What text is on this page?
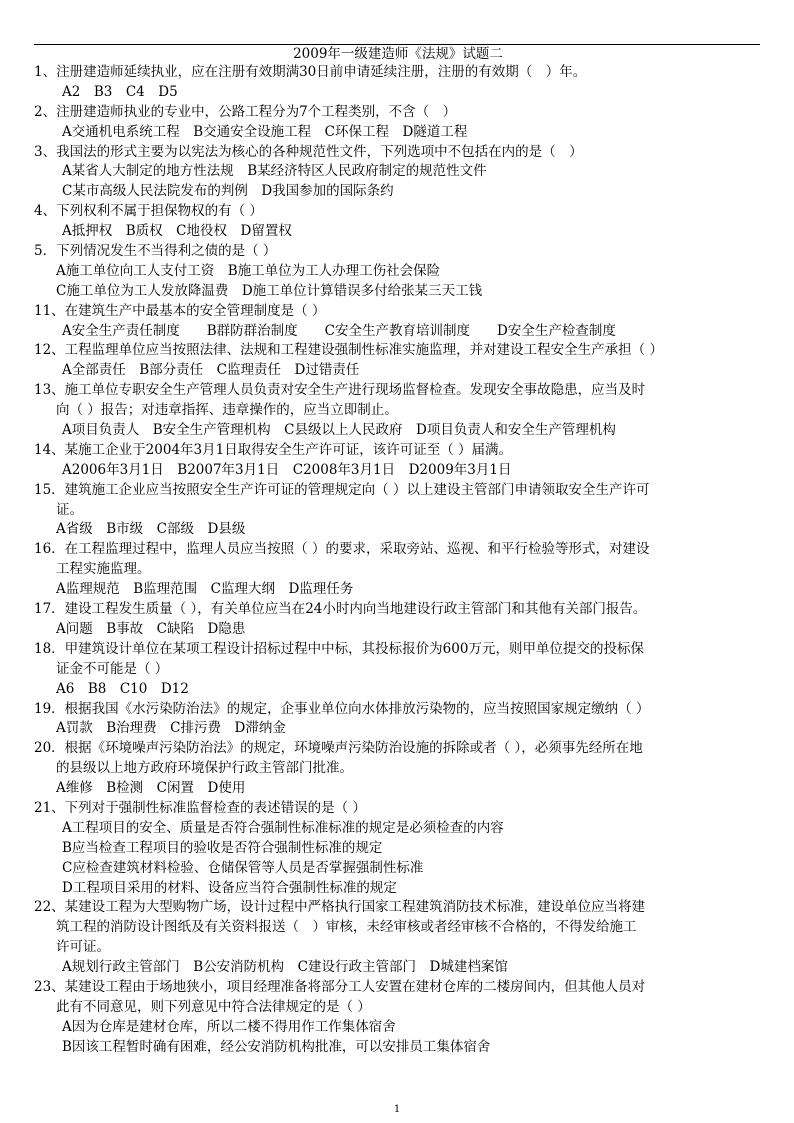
2009年一级建造师《法规》试题二
1、注册建造师延续执业，应在注册有效期满30日前申请延续注册，注册的有效期（　）年。
A2　B3　C4　D5
2、注册建造师执业的专业中，公路工程分为7个工程类别，不含（　）
A交通机电系统工程　B交通安全设施工程　C环保工程　D隧道工程
3、我国法的形式主要为以宪法为核心的各种规范性文件，下列选项中不包括在内的是（　）
A某省人大制定的地方性法规　B某经济特区人民政府制定的规范性文件
C某市高级人民法院发布的判例　D我国参加的国际条约
4、下列权利不属于担保物权的有（ ）
A抵押权　B质权　C地役权　D留置权
5．下列情况发生不当得利之债的是（ ）
A施工单位向工人支付工资　B施工单位为工人办理工伤社会保险
C施工单位为工人发放降温费　D施工单位计算错误多付给张某三天工钱
11、在建筑生产中最基本的安全管理制度是（ ）
A安全生产责任制度　　B群防群治制度　　C安全生产教育培训制度　　D安全生产检查制度
12、工程监理单位应当按照法律、法规和工程建设强制性标准实施监理，并对建设工程安全生产承担（ ）
A全部责任　B部分责任　C监理责任　D过错责任
13、施工单位专职安全生产管理人员负责对安全生产进行现场监督检查。发现安全事故隐患，应当及时
向（ ）报告；对违章指挥、违章操作的，应当立即制止。
A项目负责人　B安全生产管理机构　C县级以上人民政府　D项目负责人和安全生产管理机构
14、某施工企业于2004年3月1日取得安全生产许可证，该许可证至（ ）届满。
A2006年3月1日　B2007年3月1日　C2008年3月1日　D2009年3月1日
15．建筑施工企业应当按照安全生产许可证的管理规定向（ ）以上建设主管部门申请领取安全生产许可
证。
A省级　B市级　C部级　D县级
16．在工程监理过程中，监理人员应当按照（ ）的要求，采取旁站、巡视、和平行检验等形式，对建设
工程实施监理。
A监理规范　B监理范围　C监理大纲　D监理任务
17．建设工程发生质量（ ），有关单位应当在24小时内向当地建设行政主管部门和其他有关部门报告。
A问题　B事故　C缺陷　D隐患
18．甲建筑设计单位在某项工程设计招标过程中中标，其投标报价为600万元，则甲单位提交的投标保
证金不可能是（ ）
A6　B8　C10　D12
19．根据我国《水污染防治法》的规定，企事业单位向水体排放污染物的，应当按照国家规定缴纳（ ）
A罚款　B治理费　C排污费　D滞纳金
20．根据《环境噪声污染防治法》的规定，环境噪声污染防治设施的拆除或者（ ），必须事先经所在地
的县级以上地方政府环境保护行政主管部门批准。
A维修　B检测　C闲置　D使用
21、下列对于强制性标准监督检查的表述错误的是（ ）
A工程项目的安全、质量是否符合强制性标准标准的规定是必须检查的内容
B应当检查工程项目的验收是否符合强制性标准的规定
C应检查建筑材料检验、仓储保管等人员是否掌握强制性标准
D工程项目采用的材料、设备应当符合强制性标准的规定
22、某建设工程为大型购物广场，设计过程中严格执行国家工程建筑消防技术标准，建设单位应当将建
筑工程的消防设计图纸及有关资料报送（　）审核，未经审核或者经审核不合格的，不得发给施工
许可证。
A规划行政主管部门　B公安消防机构　C建设行政主管部门　D城建档案馆
23、某建设工程由于场地狭小，项目经理准备将部分工人安置在建材仓库的二楼房间内，但其他人员对
此有不同意见，则下列意见中符合法律规定的是（ ）
A因为仓库是建材仓库，所以二楼不得用作工作集体宿舍
B因该工程暂时确有困难，经公安消防机构批准，可以安排员工集体宿舍
1
